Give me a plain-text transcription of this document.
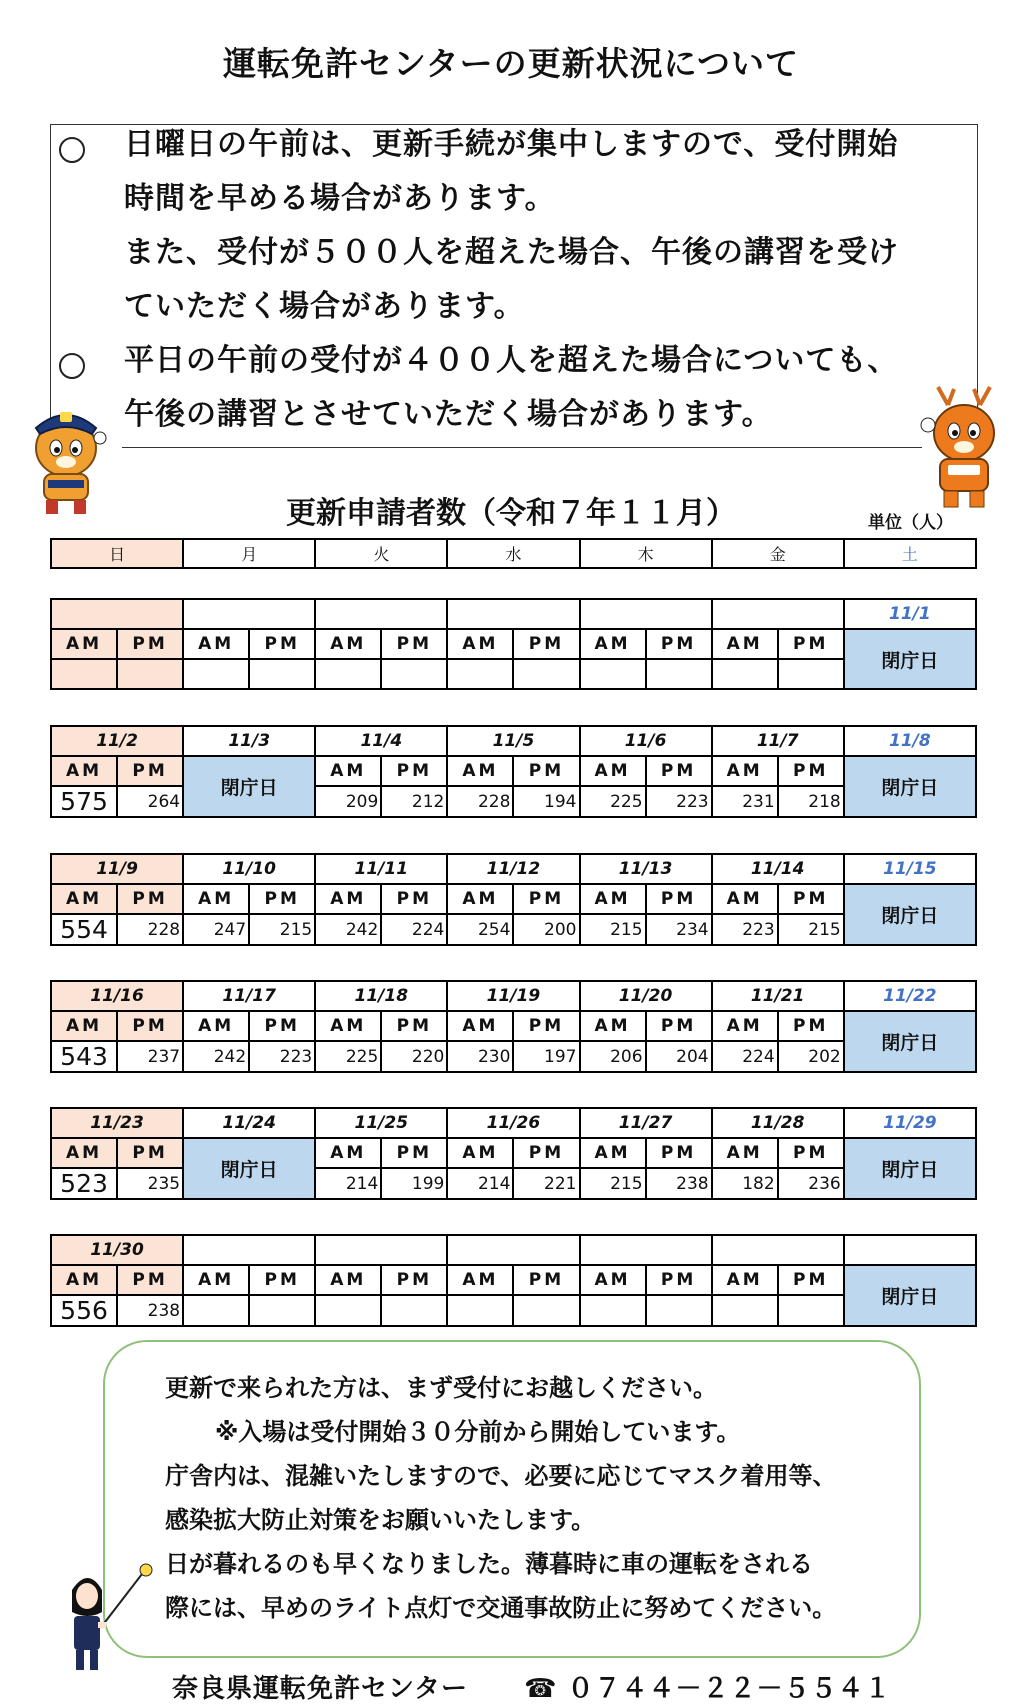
運転免許センターの更新状況について
日曜日の午前は、更新手続が集中しますので、受付開始
時間を早める場合があります。
また、受付が５００人を超えた場合、午後の講習を受け
ていただく場合があります。
平日の午前の受付が４００人を超えた場合についても、
午後の講習とさせていただく場合があります。
更新申請者数（令和７年１１月）	単位（人）
日	月	火	水	木	金	土
												11/1
AM	PM	AM	PM	AM	PM	AM	PM	AM	PM	AM	PM	閉庁日

11/2		11/3	11/4		11/5		11/6		11/7		11/8
AM	PM	閉庁日	AM	PM	AM	PM	AM	PM	AM	PM	閉庁日
575	264		209	212	228	194	225	223	231	218	
11/9		11/10		11/11		11/12		11/13		11/14		11/15
AM	PM	AM	PM	AM	PM	AM	PM	AM	PM	AM	PM	閉庁日
554	228	247	215	242	224	254	200	215	234	223	215	
11/16		11/17		11/18		11/19		11/20		11/21		11/22
AM	PM	AM	PM	AM	PM	AM	PM	AM	PM	AM	PM	閉庁日
543	237	242	223	225	220	230	197	206	204	224	202	
11/23		11/24	11/25		11/26		11/27		11/28		11/29
AM	PM	閉庁日	AM	PM	AM	PM	AM	PM	AM	PM	閉庁日
523	235		214	199	214	221	215	238	182	236	
11/30												
AM	PM	AM	PM	AM	PM	AM	PM	AM	PM	AM	PM	閉庁日
556	238											
更新で来られた方は、まず受付にお越しください。
※入場は受付開始３０分前から開始しています。
庁舎内は、混雑いたしますので、必要に応じてマスク着用等、
感染拡大防止対策をお願いいたします。
日が暮れるのも早くなりました。薄暮時に車の運転をされる
際には、早めのライト点灯で交通事故防止に努めてください。
奈良県運転免許センター ☎ ０７４４－２２－５５４１
